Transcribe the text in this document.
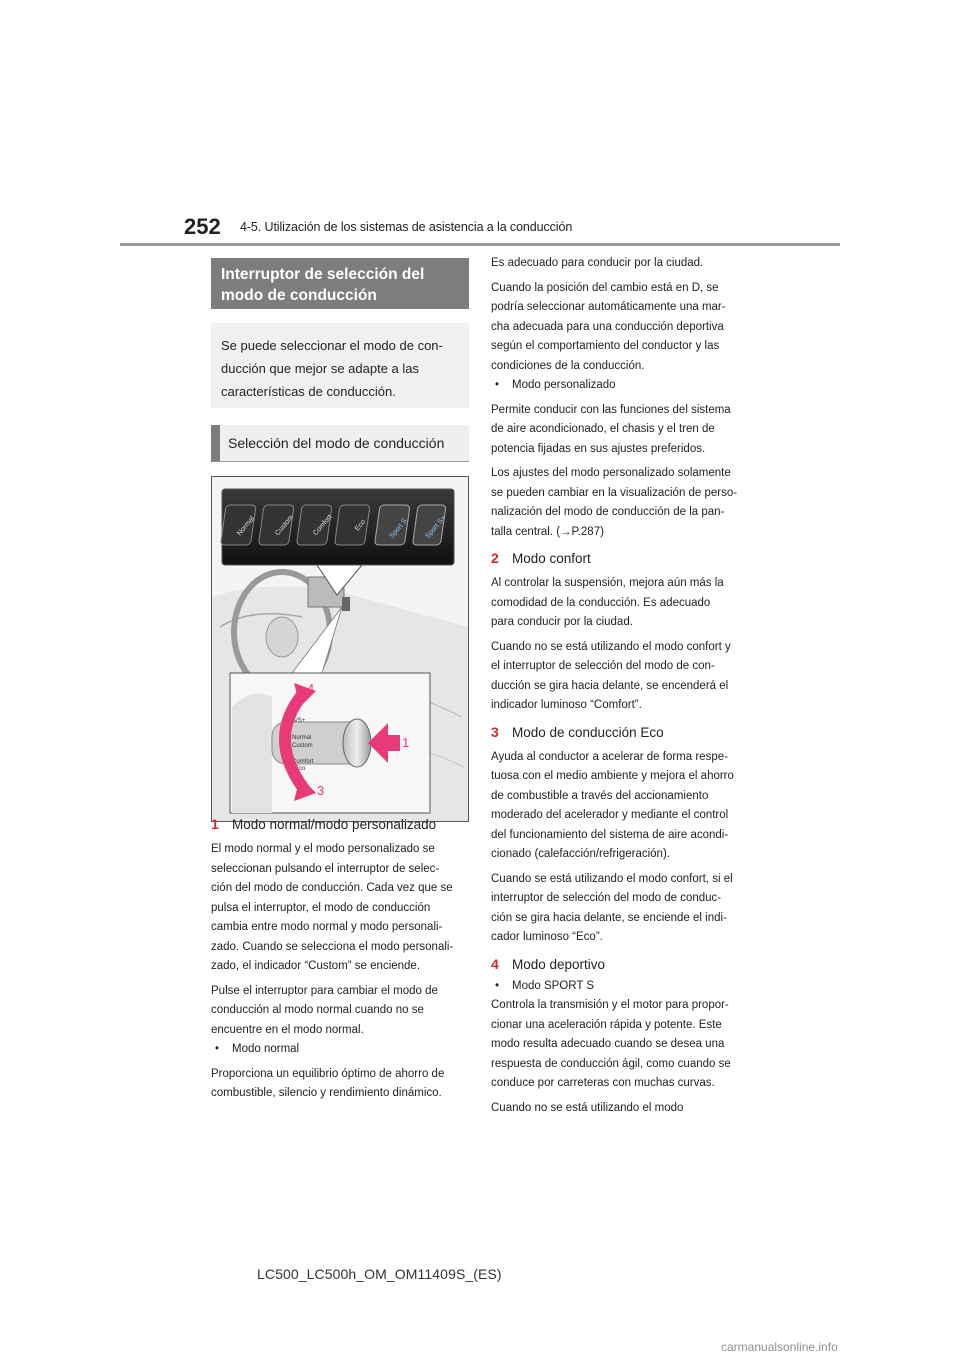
252 4-5. Utilización de los sistemas de asistencia a la conducción
Interruptor de selección del
modo de conducción
Se puede seleccionar el modo de con-
ducción que mejor se adapte a las
características de conducción.
Selección del modo de conducción
Normal	Custom Comfort	Eco	Sport S Sport S+
S/S+
Normal
Custom
Comfort
Eco
4
1
2 3
1 Modo normal/modo personalizado

El modo normal y el modo personalizado se
seleccionan pulsando el interruptor de selec-
ción del modo de conducción. Cada vez que se
pulsa el interruptor, el modo de conducción
cambia entre modo normal y modo personali-
zado. Cuando se selecciona el modo personali-
zado, el indicador “Custom” se enciende.

Pulse el interruptor para cambiar el modo de
conducción al modo normal cuando no se
encuentre en el modo normal.

•	Modo normal

Proporciona un equilibrio óptimo de ahorro de
combustible, silencio y rendimiento dinámico.

Es adecuado para conducir por la ciudad.

Cuando la posición del cambio está en D, se
podría seleccionar automáticamente una mar-
cha adecuada para una conducción deportiva
según el comportamiento del conductor y las
condiciones de la conducción.

•	Modo personalizado

Permite conducir con las funciones del sistema
de aire acondicionado, el chasis y el tren de
potencia fijadas en sus ajustes preferidos.

Los ajustes del modo personalizado solamente
se pueden cambiar en la visualización de perso-
nalización del modo de conducción de la pan-
talla central. (→P.287)

2 Modo confort

Al controlar la suspensión, mejora aún más la
comodidad de la conducción. Es adecuado
para conducir por la ciudad.

Cuando no se está utilizando el modo confort y
el interruptor de selección del modo de con-
ducción se gira hacia delante, se encenderá el
indicador luminoso “Comfort”.

3 Modo de conducción Eco

Ayuda al conductor a acelerar de forma respe-
tuosa con el medio ambiente y mejora el ahorro
de combustible a través del accionamiento
moderado del acelerador y mediante el control
del funcionamiento del sistema de aire acondi-
cionado (calefacción/refrigeración).

Cuando se está utilizando el modo confort, si el
interruptor de selección del modo de conduc-
ción se gira hacia delante, se enciende el indi-
cador luminoso “Eco”.

4 Modo deportivo
•	Modo SPORT S

Controla la transmisión y el motor para propor-
cionar una aceleración rápida y potente. Este
modo resulta adecuado cuando se desea una
respuesta de conducción ágil, como cuando se
conduce por carreteras con muchas curvas.

Cuando no se está utilizando el modo

LC500_LC500h_OM_OM11409S_(ES)
carmanualsonline.info
